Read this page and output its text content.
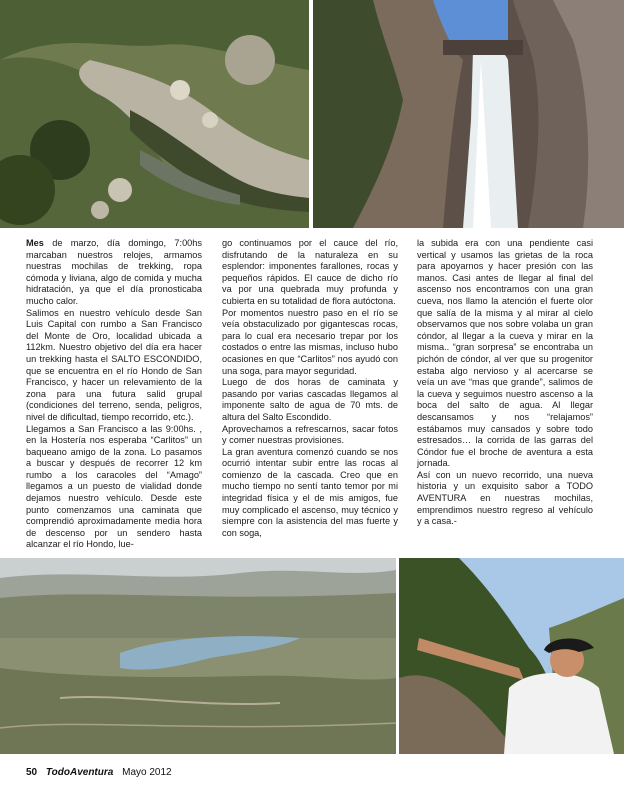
Mes de marzo, día domingo, 7:00hs marcaban nuestros relojes, armamos nuestras mochilas de trekking, ropa cómoda y liviana, algo de comida y mucha hidratación, ya que el día pronosticaba mucho calor.

Salimos en nuestro vehículo desde San Luis Capital con rumbo a San Francisco del Monte de Oro, localidad ubicada a 112km. Nuestro objetivo del día era hacer un trekking hasta el SALTO ESCONDIDO, que se encuentra en el río Hondo de San Francisco, y hacer un relevamiento de la zona para una futura salid grupal (condiciones del terreno, senda, peligros, nivel de dificultad, tiempo recorrido, etc.).

Llegamos a San Francisco a las 9:00hs. , en la Hostería nos esperaba “Carlitos” un baqueano amigo de la zona. Lo pasamos a buscar y después de recorrer 12 km rumbo a los caracoles del “Amago” llegamos a un puesto de vialidad donde dejamos nuestro vehículo. Desde este punto comenzamos una caminata que comprendió aproximadamente media hora de descenso por un sendero hasta alcanzar el río Hondo, lue-

go continuamos por el cauce del río, disfrutando de la naturaleza en su esplendor: imponentes farallones, rocas y pequeños rápidos. El cauce de dicho río va por una quebrada muy profunda y cubierta en su totalidad de flora autóctona.

Por momentos nuestro paso en el río se veía obstaculizado por gigantescas rocas, para lo cual era necesario trepar por los costados o entre las mismas, incluso hubo ocasiones en que “Carlitos” nos ayudó con una soga, para mayor seguridad.

Luego de dos horas de caminata y pasando por varias cascadas llegamos al imponente salto de agua de 70 mts. de altura del Salto Escondido.

Aprovechamos a refrescarnos, sacar fotos y comer nuestras provisiones.

La gran aventura comenzó cuando se nos ocurrió intentar subir entre las rocas al comienzo de la cascada. Creo que en mucho tiempo no sentí tanto temor por mi integridad física y el de mis amigos, fue muy complicado el ascenso, muy técnico y siempre con la asistencia del mas fuerte y con soga,

la subida era con una pendiente casi vertical y usamos las grietas de la roca para apoyarnos y hacer presión con las manos. Casi antes de llegar al final del ascenso nos encontramos con una gran cueva, nos llamo la atención el fuerte olor que salía de la misma y al mirar al cielo observamos que nos sobre volaba un gran cóndor, al llegar a la cueva y mirar en la misma.. “gran sorpresa” se encontraba un pichón de cóndor, al ver que su progenitor estaba algo nervioso y al acercarse se veía un ave “mas que grande”, salimos de la cueva y seguimos nuestro ascenso a la boca del salto de agua. Al llegar descansamos y nos “relajamos” estábamos muy cansados y sobre todo estresados… la corrida de las garras del Cóndor fue el broche de aventura a esta jornada.

Así con un nuevo recorrido, una nueva historia y un exquisito sabor a TODO AVENTURA en nuestras mochilas, emprendimos nuestro regreso al vehículo y a casa.-

50 TodoAventura Mayo 2012
